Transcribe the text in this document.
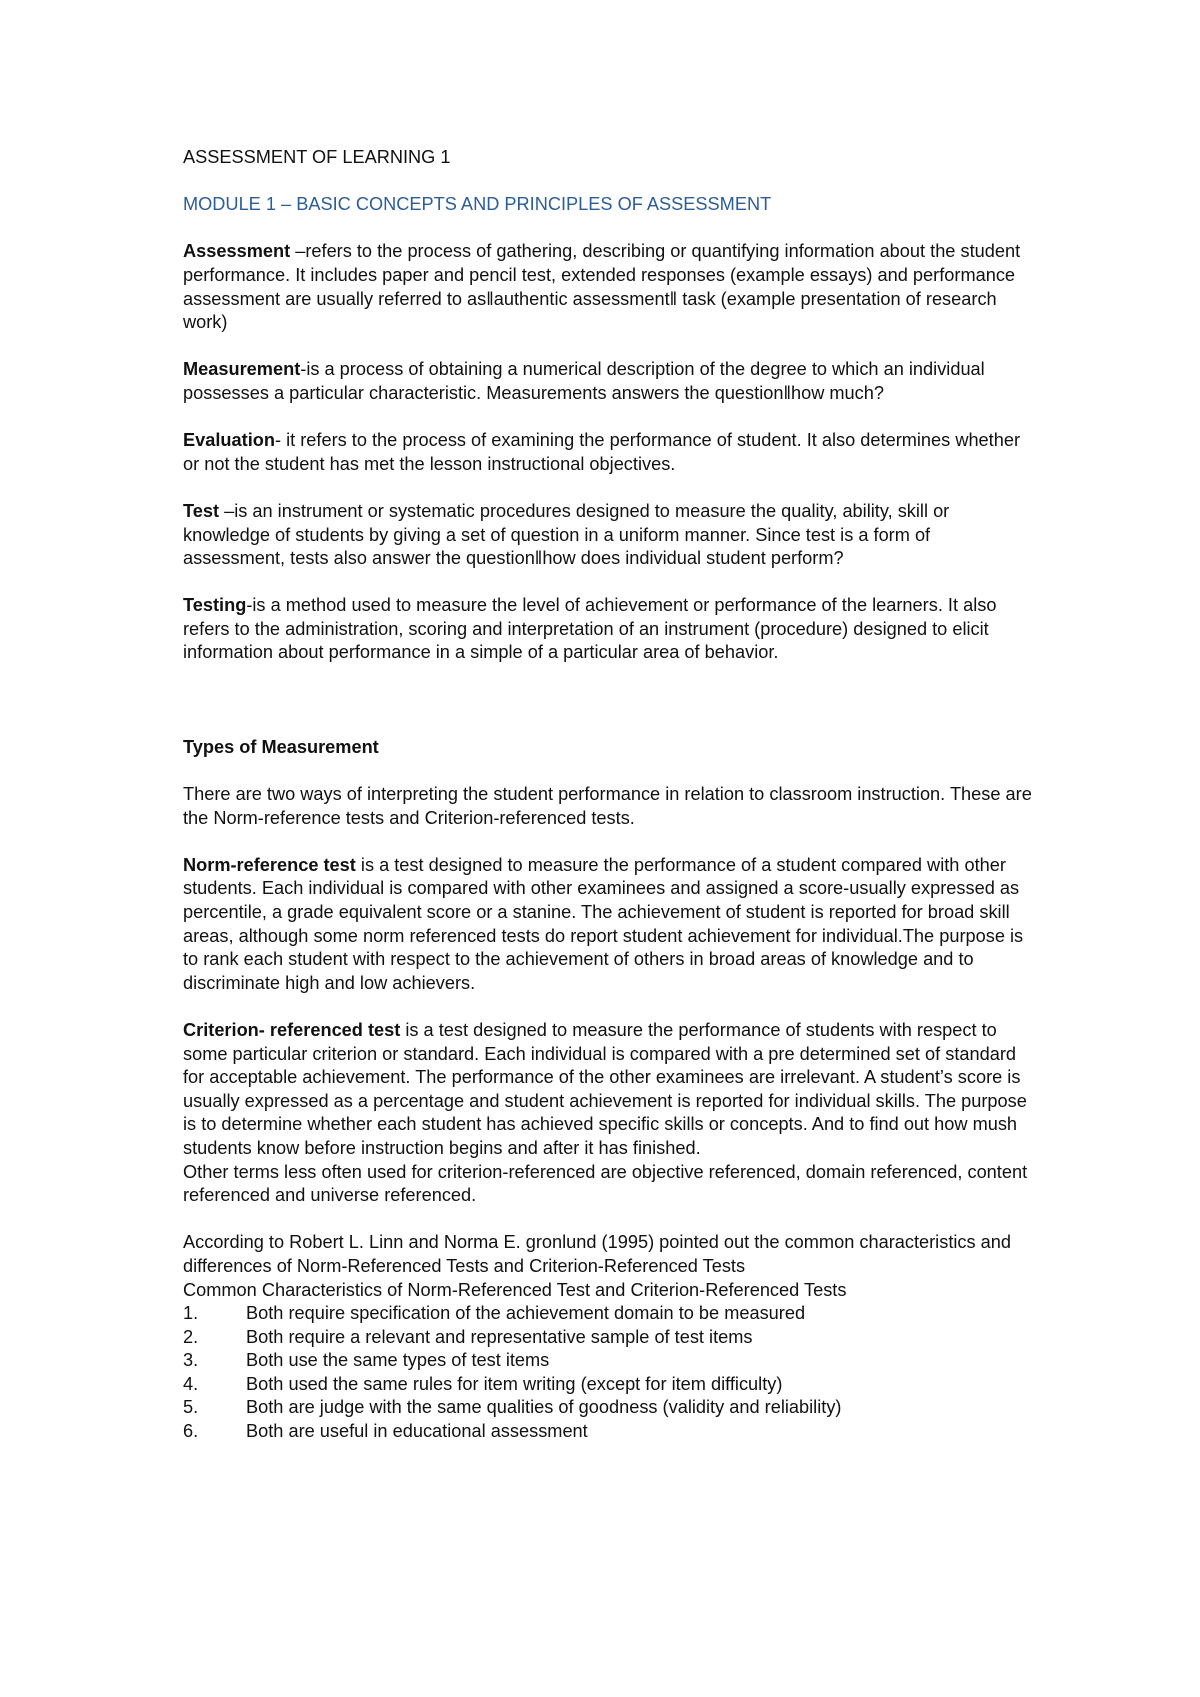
ASSESSMENT OF LEARNING 1

MODULE 1 – BASIC CONCEPTS AND PRINCIPLES OF ASSESSMENT

Assessment –refers to the process of gathering, describing or quantifying information about the student performance. It includes paper and pencil test, extended responses (example essays) and performance assessment are usually referred to as‖authentic assessment‖ task (example presentation of research work)

Measurement-is a process of obtaining a numerical description of the degree to which an individual possesses a particular characteristic. Measurements answers the question‖how much?

Evaluation- it refers to the process of examining the performance of student. It also determines whether or not the student has met the lesson instructional objectives.

Test –is an instrument or systematic procedures designed to measure the quality, ability, skill or knowledge of students by giving a set of question in a uniform manner. Since test is a form of assessment, tests also answer the question‖how does individual student perform?

Testing-is a method used to measure the level of achievement or performance of the learners. It also refers to the administration, scoring and interpretation of an instrument (procedure) designed to elicit information about performance in a simple of a particular area of behavior.

Types of Measurement

There are two ways of interpreting the student performance in relation to classroom instruction. These are the Norm-reference tests and Criterion-referenced tests.

Norm-reference test is a test designed to measure the performance of a student compared with other students. Each individual is compared with other examinees and assigned a score-usually expressed as percentile, a grade equivalent score or a stanine. The achievement of student is reported for broad skill areas, although some norm referenced tests do report student achievement for individual.The purpose is to rank each student with respect to the achievement of others in broad areas of knowledge and to discriminate high and low achievers.

Criterion- referenced test is a test designed to measure the performance of students with respect to some particular criterion or standard. Each individual is compared with a pre determined set of standard for acceptable achievement. The performance of the other examinees are irrelevant. A student’s score is usually expressed as a percentage and student achievement is reported for individual skills. The purpose is to determine whether each student has achieved specific skills or concepts. And to find out how mush students know before instruction begins and after it has finished.

Other terms less often used for criterion-referenced are objective referenced, domain referenced, content referenced and universe referenced.

According to Robert L. Linn and Norma E. gronlund (1995) pointed out the common characteristics and differences of Norm-Referenced Tests and Criterion-Referenced Tests

Common Characteristics of Norm-Referenced Test and Criterion-Referenced Tests

1.	Both require specification of the achievement domain to be measured
2.	Both require a relevant and representative sample of test items
3.	Both use the same types of test items
4.	Both used the same rules for item writing (except for item difficulty)
5.	Both are judge with the same qualities of goodness (validity and reliability)
6.	Both are useful in educational assessment
